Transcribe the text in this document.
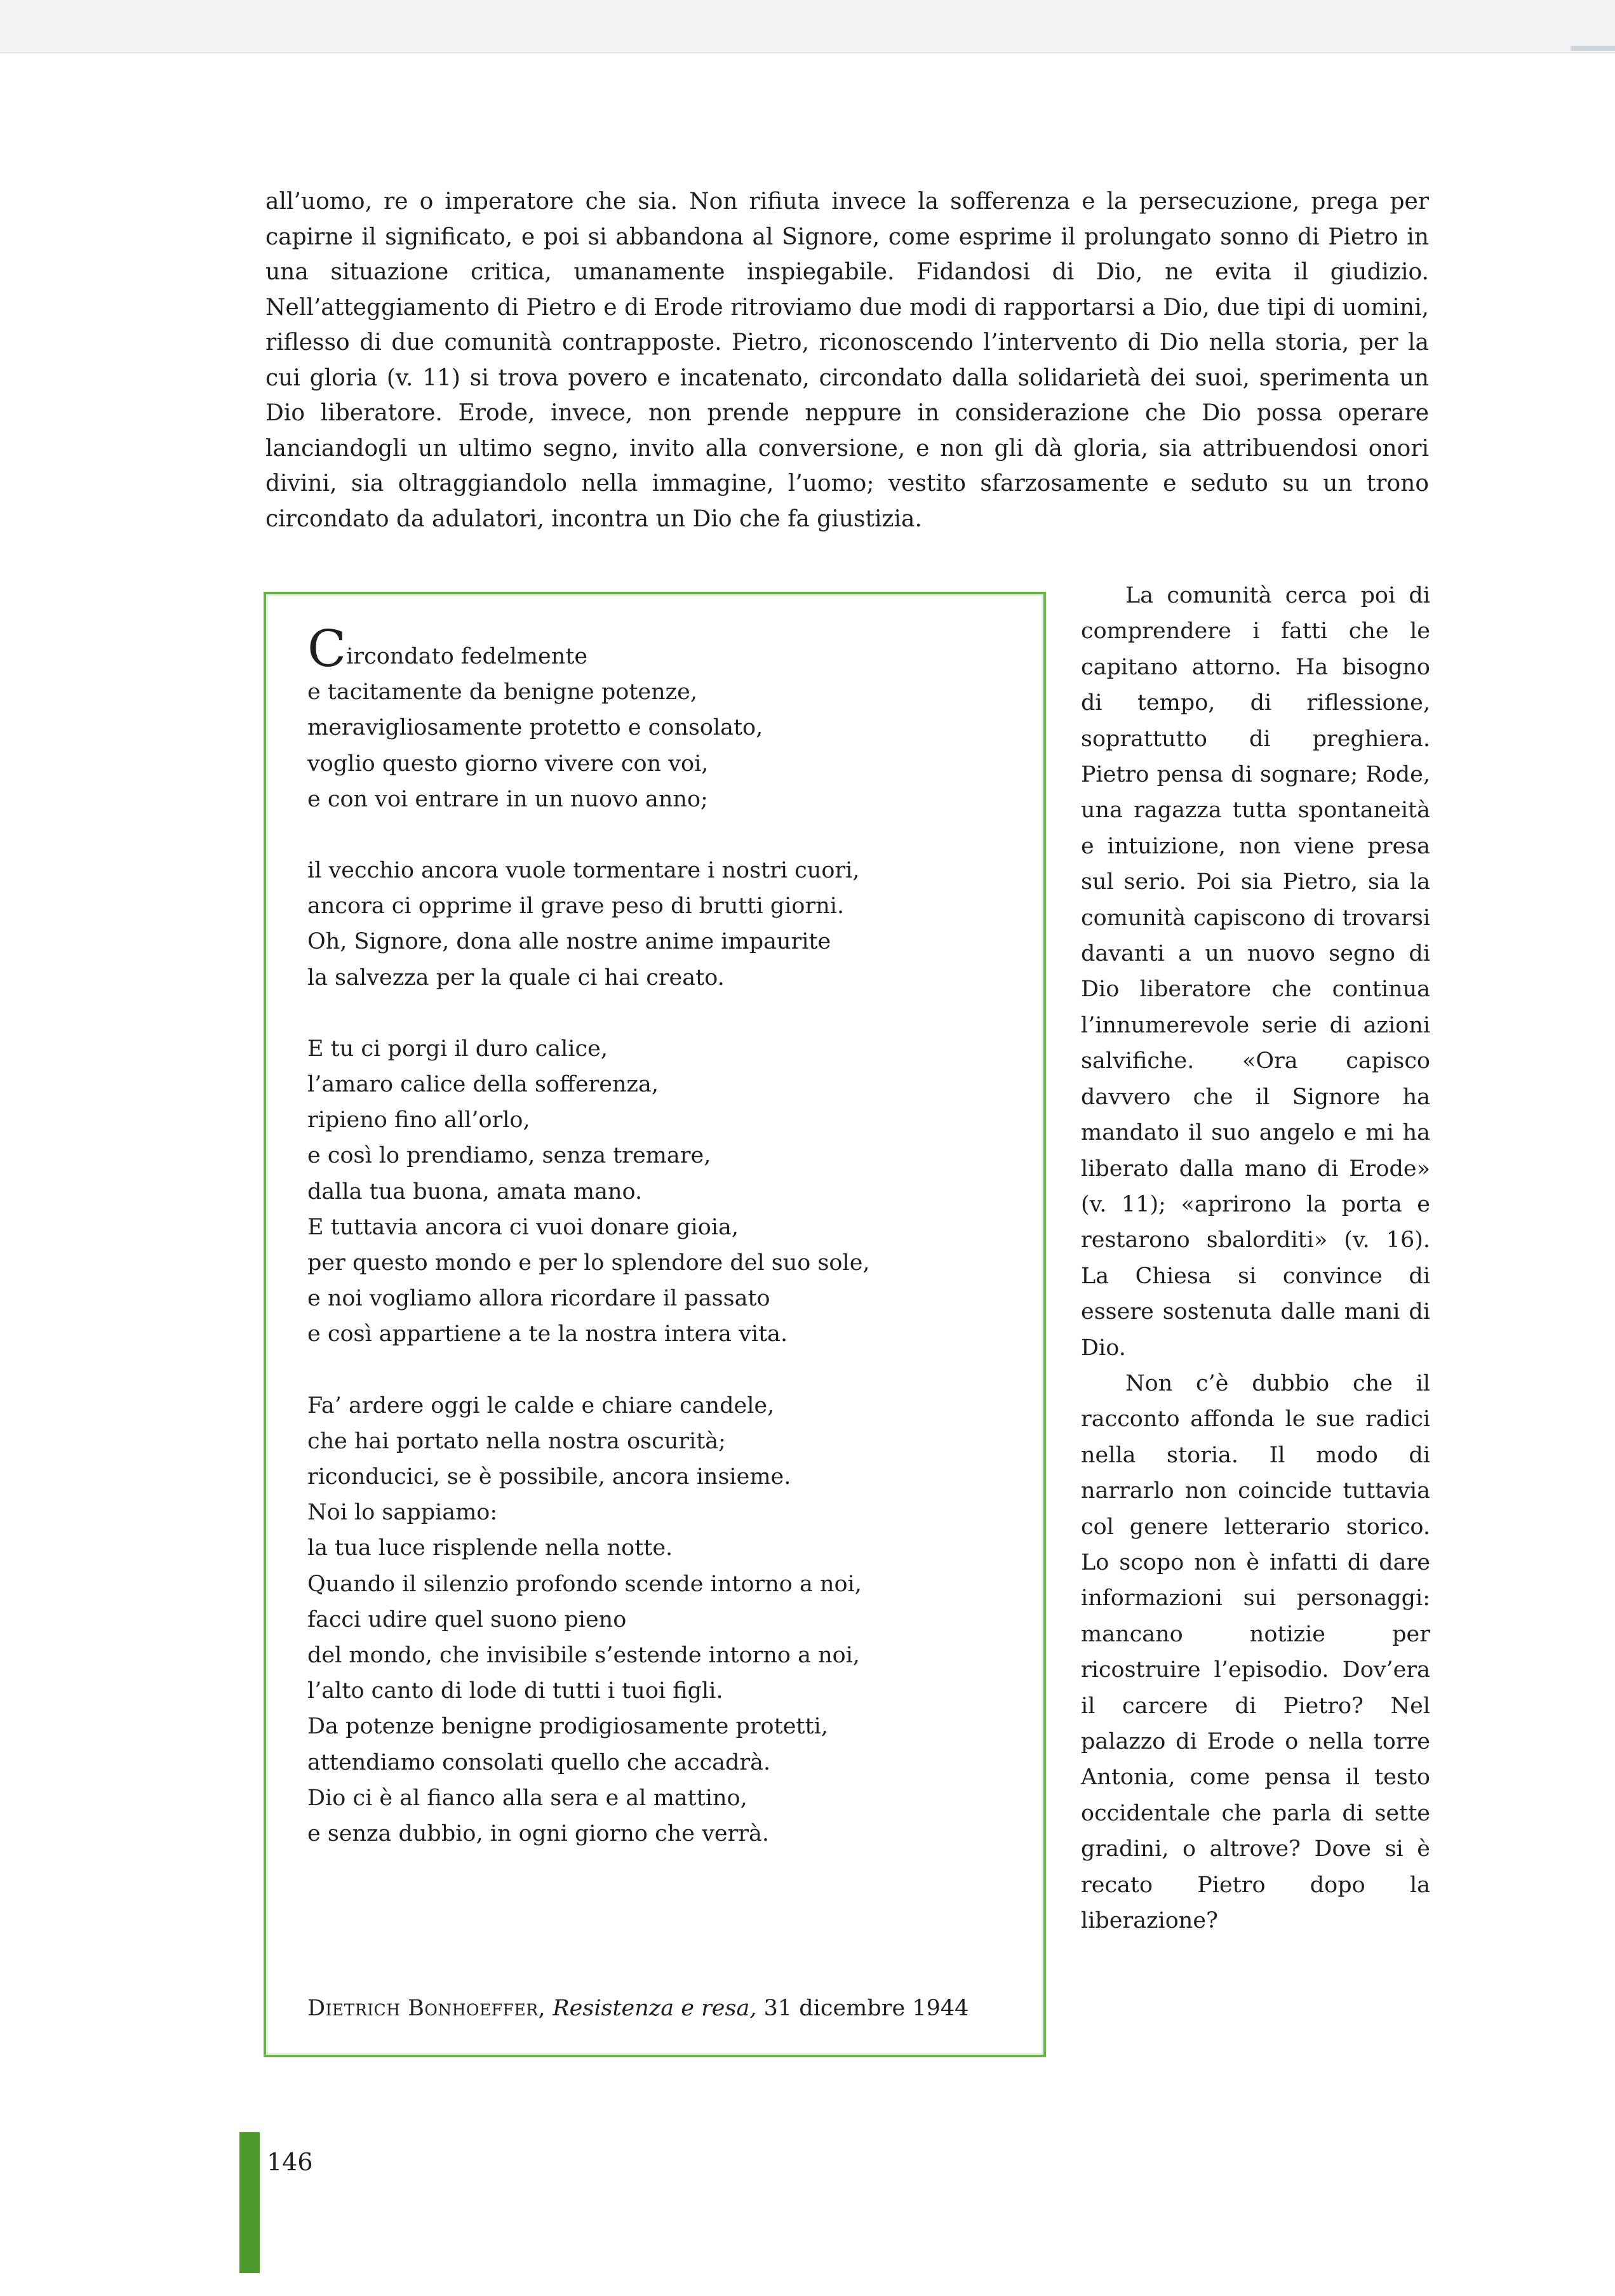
all’uomo, re o imperatore che sia. Non rifiuta invece la sofferenza e la persecuzione, prega per capirne il significato, e poi si abbandona al Signore, come esprime il prolungato sonno di Pietro in una situazione critica, umanamente inspiegabile. Fidandosi di Dio, ne evita il giudizio. Nell’atteggiamento di Pietro e di Erode ritroviamo due modi di rapportarsi a Dio, due tipi di uomini, riflesso di due comunità contrapposte. Pietro, riconoscendo l’intervento di Dio nella storia, per la cui gloria (v. 11) si trova povero e incatenato, circondato dalla solidarietà dei suoi, sperimenta un Dio liberatore. Erode, invece, non prende neppure in considerazione che Dio possa operare lanciandogli un ultimo segno, invito alla conversione, e non gli dà gloria, sia attribuendosi onori divini, sia oltraggiandolo nella immagine, l’uomo; vestito sfarzosamente e seduto su un trono circondato da adulatori, incontra un Dio che fa giustizia.

Circondato fedelmente
e tacitamente da benigne potenze,
meravigliosamente protetto e consolato,
voglio questo giorno vivere con voi,
e con voi entrare in un nuovo anno;
il vecchio ancora vuole tormentare i nostri cuori,
ancora ci opprime il grave peso di brutti giorni.
Oh, Signore, dona alle nostre anime impaurite
la salvezza per la quale ci hai creato.
E tu ci porgi il duro calice,
l’amaro calice della sofferenza,
ripieno fino all’orlo,
e così lo prendiamo, senza tremare,
dalla tua buona, amata mano.
E tuttavia ancora ci vuoi donare gioia,
per questo mondo e per lo splendore del suo sole,
e noi vogliamo allora ricordare il passato
e così appartiene a te la nostra intera vita.
Fa’ ardere oggi le calde e chiare candele,
che hai portato nella nostra oscurità;
riconducici, se è possibile, ancora insieme.
Noi lo sappiamo:
la tua luce risplende nella notte.
Quando il silenzio profondo scende intorno a noi,
facci udire quel suono pieno
del mondo, che invisibile s’estende intorno a noi,
l’alto canto di lode di tutti i tuoi figli.
Da potenze benigne prodigiosamente protetti,
attendiamo consolati quello che accadrà.
Dio ci è al fianco alla sera e al mattino,
e senza dubbio, in ogni giorno che verrà.
Dietrich Bonhoeffer, Resistenza e resa, 31 dicembre 1944

La comunità cerca poi di comprendere i fatti che le capitano attorno. Ha bisogno di tempo, di riflessione, soprattutto di preghiera. Pietro pensa di sognare; Rode, una ragazza tutta spontaneità e intuizione, non viene presa sul serio. Poi sia Pietro, sia la comunità capiscono di trovarsi davanti a un nuovo segno di Dio liberatore che continua l’innumerevole serie di azioni salvifiche. «Ora capisco davvero che il Signore ha mandato il suo angelo e mi ha liberato dalla mano di Erode» (v. 11); «aprirono la porta e restarono sbalorditi» (v. 16). La Chiesa si convince di essere sostenuta dalle mani di Dio.

Non c’è dubbio che il racconto affonda le sue radici nella storia. Il modo di narrarlo non coincide tuttavia col genere letterario storico. Lo scopo non è infatti di dare informazioni sui personaggi: mancano notizie per ricostruire l’episodio. Dov’era il carcere di Pietro? Nel palazzo di Erode o nella torre Antonia, come pensa il testo occidentale che parla di sette gradini, o altrove? Dove si è recato Pietro dopo la liberazione?

146
